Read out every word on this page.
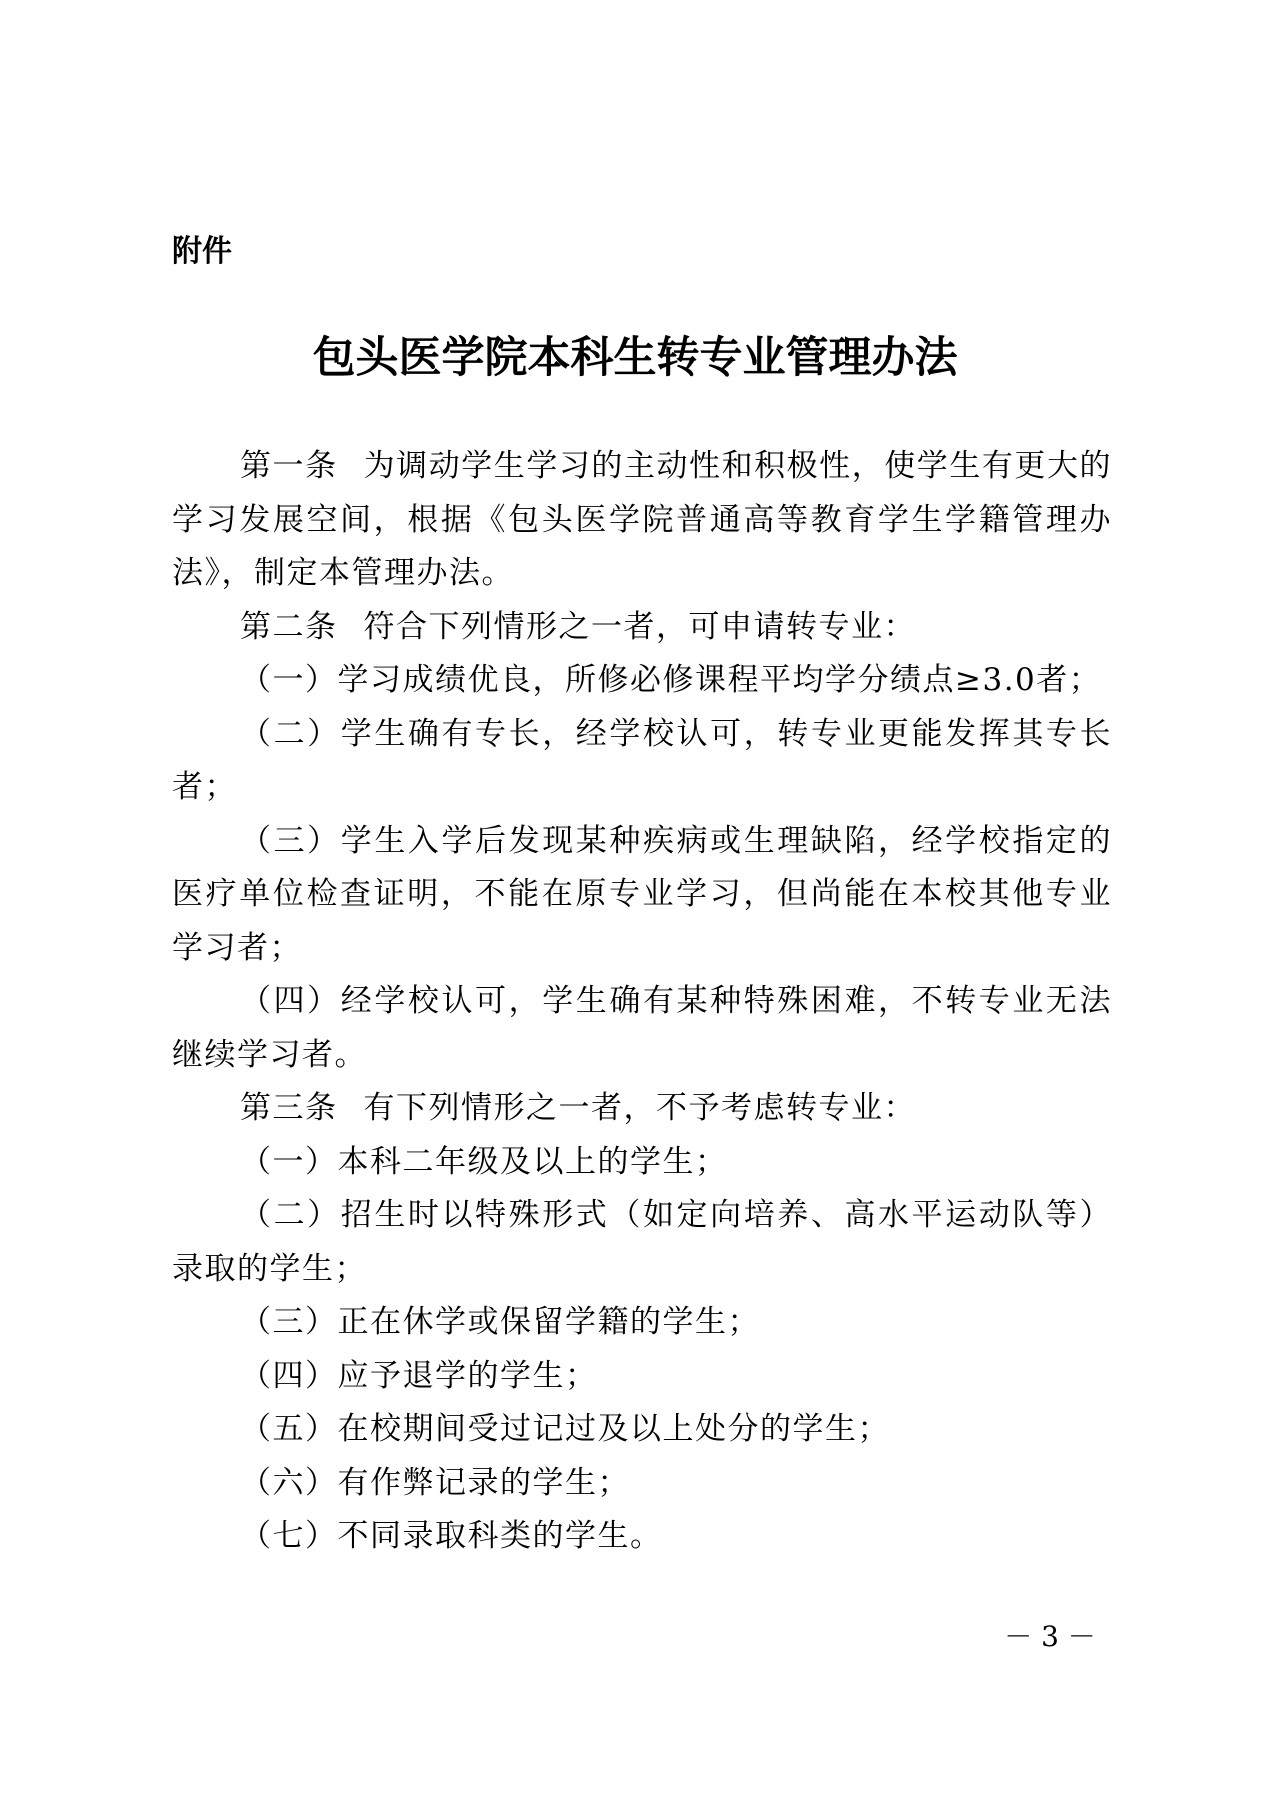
附件

包头医学院本科生转专业管理办法

第一条 为调动学生学习的主动性和积极性，使学生有更大的学习发展空间，根据《包头医学院普通高等教育学生学籍管理办法》，制定本管理办法。

第二条 符合下列情形之一者，可申请转专业：

（一）学习成绩优良，所修必修课程平均学分绩点≥3.0者；

（二）学生确有专长，经学校认可，转专业更能发挥其专长者；

（三）学生入学后发现某种疾病或生理缺陷，经学校指定的医疗单位检查证明，不能在原专业学习，但尚能在本校其他专业学习者；

（四）经学校认可，学生确有某种特殊困难，不转专业无法继续学习者。

第三条 有下列情形之一者，不予考虑转专业：

（一）本科二年级及以上的学生；

（二）招生时以特殊形式（如定向培养、高水平运动队等）录取的学生；

（三）正在休学或保留学籍的学生；

（四）应予退学的学生；

（五）在校期间受过记过及以上处分的学生；

（六）有作弊记录的学生；

（七）不同录取科类的学生。

－ 3 －
